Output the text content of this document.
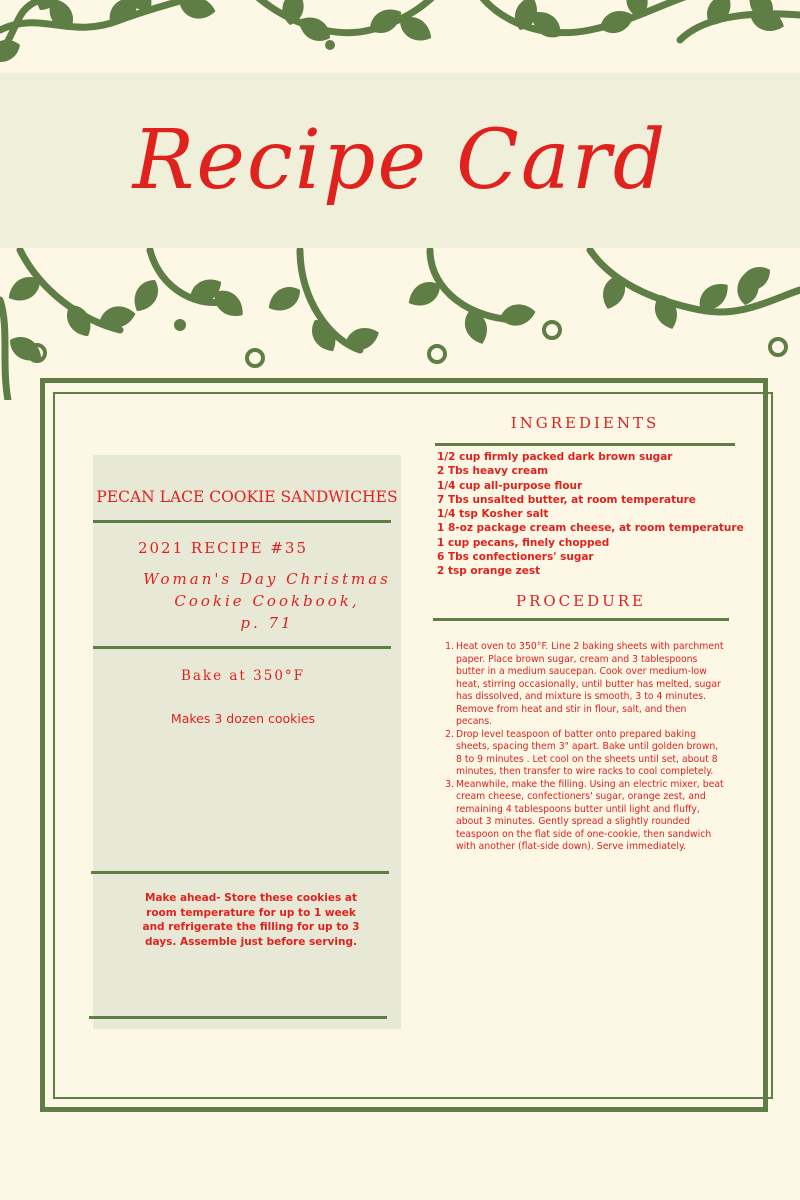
Recipe Card
PECAN LACE COOKIE SANDWICHES
2021 RECIPE #35
Woman's Day Christmas
Cookie Cookbook,
p. 71
Bake at 350°F
Makes 3 dozen cookies
Make ahead- Store these cookies at room temperature for up to 1 week and refrigerate the filling for up to 3 days. Assemble just before serving.
INGREDIENTS
1/2 cup firmly packed dark brown sugar
2 Tbs heavy cream
1/4 cup all-purpose flour
7 Tbs unsalted butter, at room temperature
1/4 tsp Kosher salt
1 8-oz package cream cheese, at room temperature
1 cup pecans, finely chopped
6 Tbs confectioners' sugar
2 tsp orange zest
PROCEDURE
1. Heat oven to 350°F. Line 2 baking sheets with parchment paper. Place brown sugar, cream and 3 tablespoons butter in a medium saucepan. Cook over medium-low heat, stirring occasionally, until butter has melted, sugar has dissolved, and mixture is smooth, 3 to 4 minutes. Remove from heat and stir in flour, salt, and then pecans.
2. Drop level teaspoon of batter onto prepared baking sheets, spacing them 3" apart. Bake until golden brown, 8 to 9 minutes . Let cool on the sheets until set, about 8 minutes, then transfer to wire racks to cool completely.
3. Meanwhile, make the filling. Using an electric mixer, beat cream cheese, confectioners' sugar, orange zest, and remaining 4 tablespoons butter until light and fluffy, about 3 minutes. Gently spread a slightly rounded teaspoon on the flat side of one-cookie, then sandwich with another (flat-side down). Serve immediately.
